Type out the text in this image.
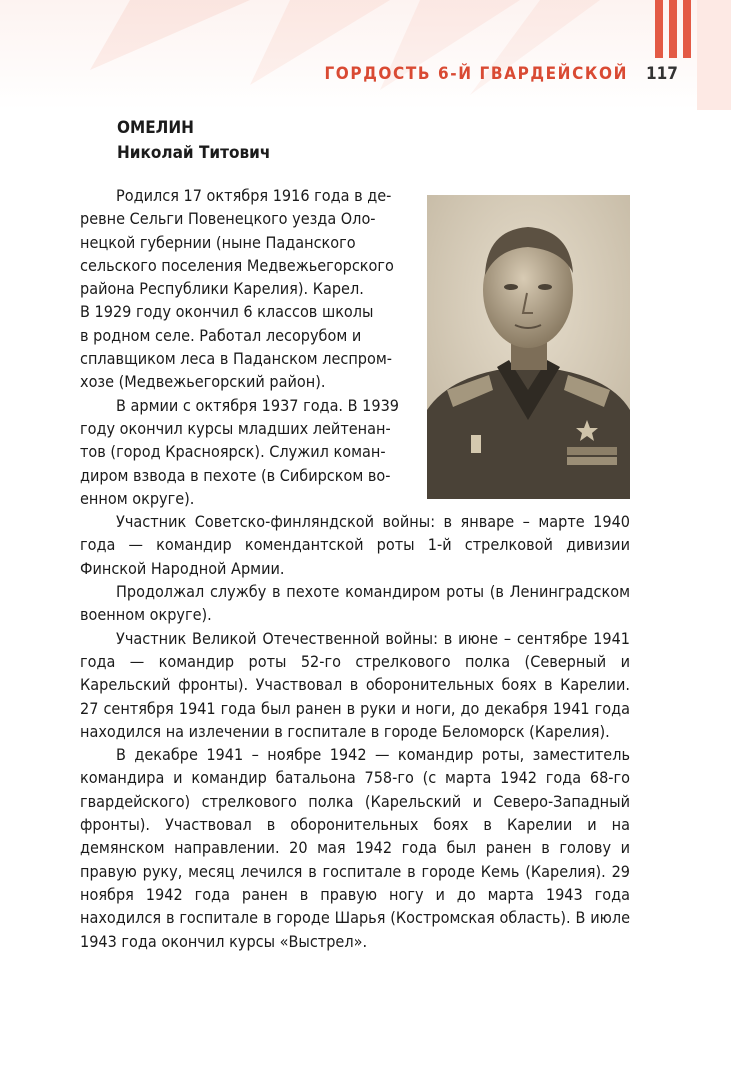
ГОРДОСТЬ 6-Й ГВАРДЕЙСКОЙ 117
ОМЕЛИН
Николай Титович

Родился 17 октября 1916 года в де-
ревне Сельги Повенецкого уезда Оло-
нецкой губернии (ныне Паданского
сельского поселения Медвежьегорского
района Республики Карелия). Карел.
В 1929 году окончил 6 классов школы
в родном селе. Работал лесорубом и
сплавщиком леса в Паданском леспром-
хозе (Медвежьегорский район).

В армии с октября 1937 года. В 1939
году окончил курсы младших лейтенан-
тов (город Красноярск). Служил коман-
диром взвода в пехоте (в Сибирском во-
енном округе).

Участник Советско-финляндской войны: в январе – марте 1940 года — командир комендантской роты 1-й стрелковой дивизии Финской Народной Армии.

Продолжал службу в пехоте командиром роты (в Ленинградском военном округе).

Участник Великой Отечественной войны: в июне – сентябре 1941 года — командир роты 52-го стрелкового полка (Северный и Карельский фронты). Участвовал в оборонительных боях в Карелии. 27 сентября 1941 года был ранен в руки и ноги, до декабря 1941 года находился на излечении в госпитале в городе Беломорск (Карелия).

В декабре 1941 – ноябре 1942 — командир роты, заместитель командира и командир батальона 758-го (с марта 1942 года 68-го гвардейского) стрелкового полка (Карельский и Северо-Западный фронты). Участвовал в оборонительных боях в Карелии и на демянском направлении. 20 мая 1942 года был ранен в голову и правую руку, месяц лечился в госпитале в городе Кемь (Карелия). 29 ноября 1942 года ранен в правую ногу и до марта 1943 года находился в госпитале в городе Шарья (Костромская область). В июле 1943 года окончил курсы «Выстрел».
